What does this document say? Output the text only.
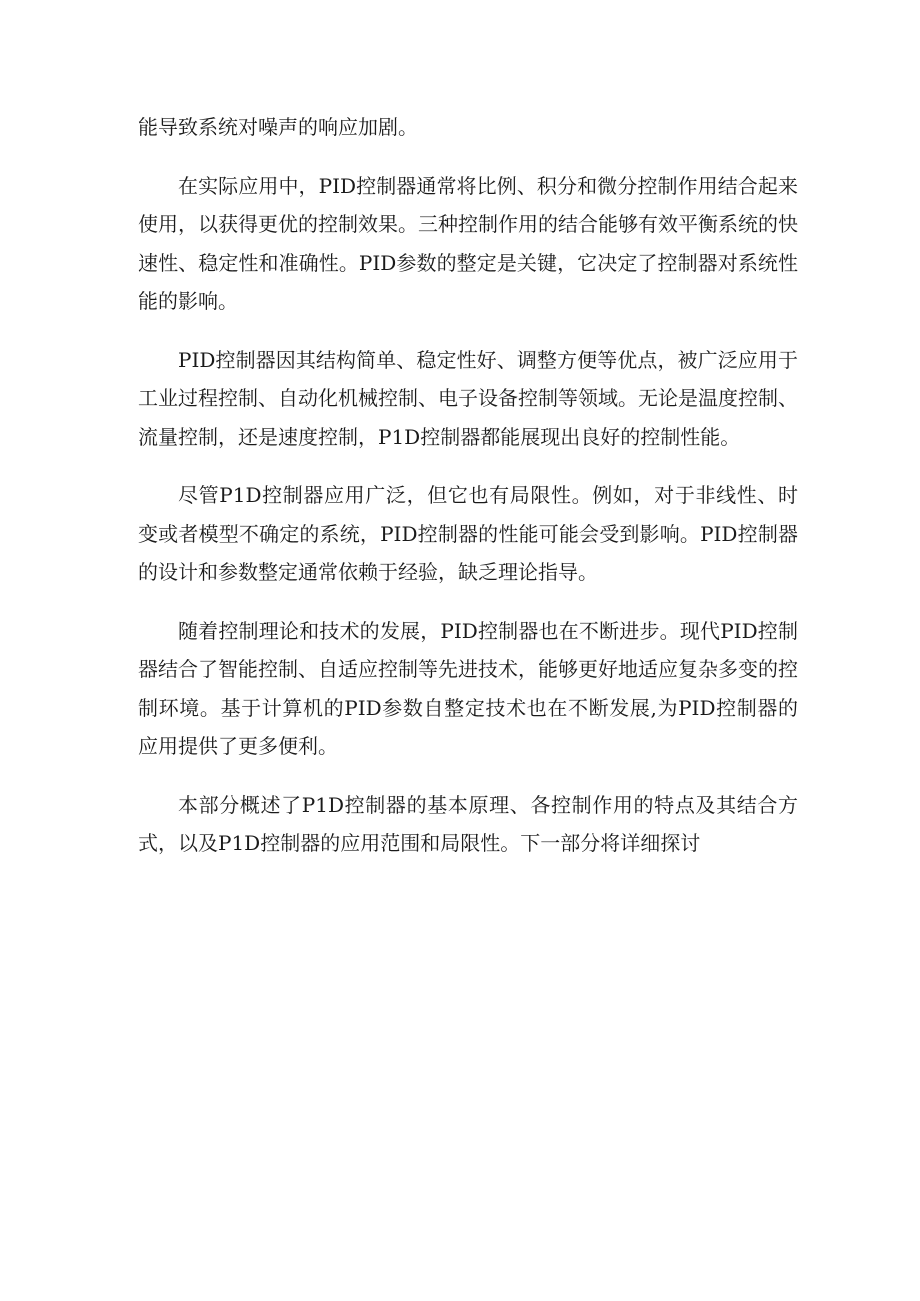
能导致系统对噪声的响应加剧。

在实际应用中，PID控制器通常将比例、积分和微分控制作用结合起来使用，以获得更优的控制效果。三种控制作用的结合能够有效平衡系统的快速性、稳定性和准确性。PID参数的整定是关键，它决定了控制器对系统性能的影响。

PID控制器因其结构简单、稳定性好、调整方便等优点，被广泛应用于工业过程控制、自动化机械控制、电子设备控制等领域。无论是温度控制、流量控制，还是速度控制，P1D控制器都能展现出良好的控制性能。

尽管P1D控制器应用广泛，但它也有局限性。例如，对于非线性、时变或者模型不确定的系统，PID控制器的性能可能会受到影响。PID控制器的设计和参数整定通常依赖于经验，缺乏理论指导。

随着控制理论和技术的发展，PID控制器也在不断进步。现代PID控制器结合了智能控制、自适应控制等先进技术，能够更好地适应复杂多变的控制环境。基于计算机的PID参数自整定技术也在不断发展,为PID控制器的应用提供了更多便利。

本部分概述了P1D控制器的基本原理、各控制作用的特点及其结合方式，以及P1D控制器的应用范围和局限性。下一部分将详细探讨
